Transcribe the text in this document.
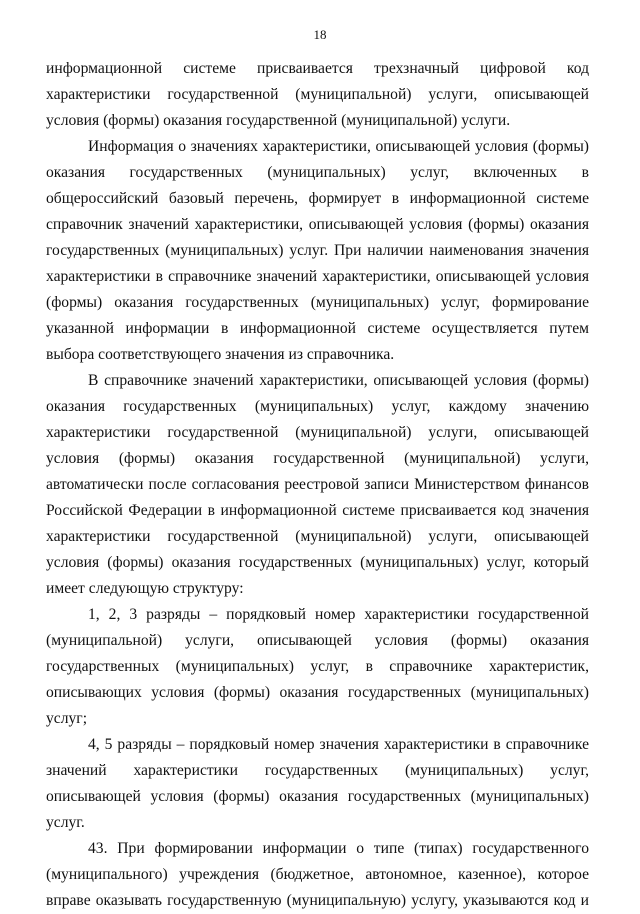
18

информационной системе присваивается трехзначный цифровой код характеристики государственной (муниципальной) услуги, описывающей условия (формы) оказания государственной (муниципальной) услуги.

Информация о значениях характеристики, описывающей условия (формы) оказания государственных (муниципальных) услуг, включенных в общероссийский базовый перечень, формирует в информационной системе справочник значений характеристики, описывающей условия (формы) оказания государственных (муниципальных) услуг. При наличии наименования значения характеристики в справочнике значений характеристики, описывающей условия (формы) оказания государственных (муниципальных) услуг, формирование указанной информации в информационной системе осуществляется путем выбора соответствующего значения из справочника.

В справочнике значений характеристики, описывающей условия (формы) оказания государственных (муниципальных) услуг, каждому значению характеристики государственной (муниципальной) услуги, описывающей условия (формы) оказания государственной (муниципальной) услуги, автоматически после согласования реестровой записи Министерством финансов Российской Федерации в информационной системе присваивается код значения характеристики государственной (муниципальной) услуги, описывающей условия (формы) оказания государственных (муниципальных) услуг, который имеет следующую структуру:

1, 2, 3 разряды – порядковый номер характеристики государственной (муниципальной) услуги, описывающей условия (формы) оказания государственных (муниципальных) услуг, в справочнике характеристик, описывающих условия (формы) оказания государственных (муниципальных) услуг;

4, 5 разряды – порядковый номер значения характеристики в справочнике значений характеристики государственных (муниципальных) услуг, описывающей условия (формы) оказания государственных (муниципальных) услуг.

43. При формировании информации о типе (типах) государственного (муниципального) учреждения (бюджетное, автономное, казенное), которое вправе оказывать государственную (муниципальную) услугу, указываются код и
